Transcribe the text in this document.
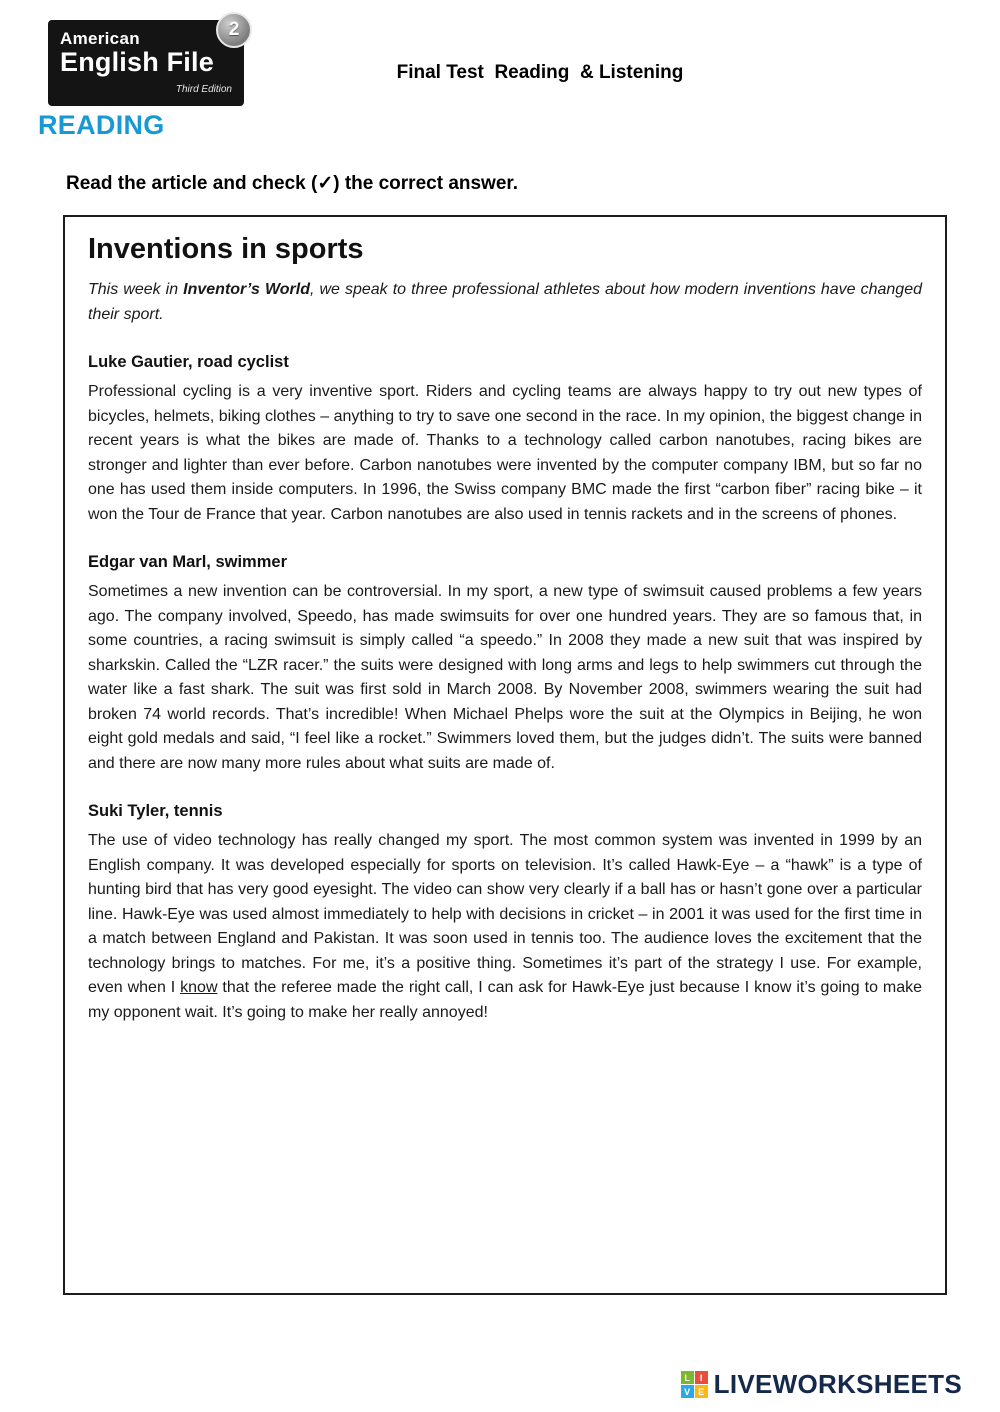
American
English File
Third Edition
2
Final Test  Reading  & Listening
READING
Read the article and check (✓) the correct answer.
Inventions in sports

This week in Inventor’s World, we speak to three professional athletes about how modern inventions have changed their sport.

Luke Gautier, road cyclist

Professional cycling is a very inventive sport. Riders and cycling teams are always happy to try out new types of bicycles, helmets, biking clothes – anything to try to save one second in the race. In my opinion, the biggest change in recent years is what the bikes are made of. Thanks to a technology called carbon nanotubes, racing bikes are stronger and lighter than ever before. Carbon nanotubes were invented by the computer company IBM, but so far no one has used them inside computers. In 1996, the Swiss company BMC made the first “carbon fiber” racing bike – it won the Tour de France that year. Carbon nanotubes are also used in tennis rackets and in the screens of phones.

Edgar van Marl, swimmer

Sometimes a new invention can be controversial. In my sport, a new type of swimsuit caused problems a few years ago. The company involved, Speedo, has made swimsuits for over one hundred years. They are so famous that, in some countries, a racing swimsuit is simply called “a speedo.” In 2008 they made a new suit that was inspired by sharkskin. Called the “LZR racer.” the suits were designed with long arms and legs to help swimmers cut through the water like a fast shark. The suit was first sold in March 2008. By November 2008, swimmers wearing the suit had broken 74 world records. That’s incredible! When Michael Phelps wore the suit at the Olympics in Beijing, he won eight gold medals and said, “I feel like a rocket.” Swimmers loved them, but the judges didn’t. The suits were banned and there are now many more rules about what suits are made of.

Suki Tyler, tennis

The use of video technology has really changed my sport. The most common system was invented in 1999 by an English company. It was developed especially for sports on television. It’s called Hawk-Eye – a “hawk” is a type of hunting bird that has very good eyesight. The video can show very clearly if a ball has or hasn’t gone over a particular line. Hawk-Eye was used almost immediately to help with decisions in cricket – in 2001 it was used for the first time in a match between England and Pakistan. It was soon used in tennis too. The audience loves the excitement that the technology brings to matches. For me, it’s a positive thing. Sometimes it’s part of the strategy I use. For example, even when I know that the referee made the right call, I can ask for Hawk-Eye just because I know it’s going to make my opponent wait. It’s going to make her really annoyed!

L	I
V E LIVEWORKSHEETS
